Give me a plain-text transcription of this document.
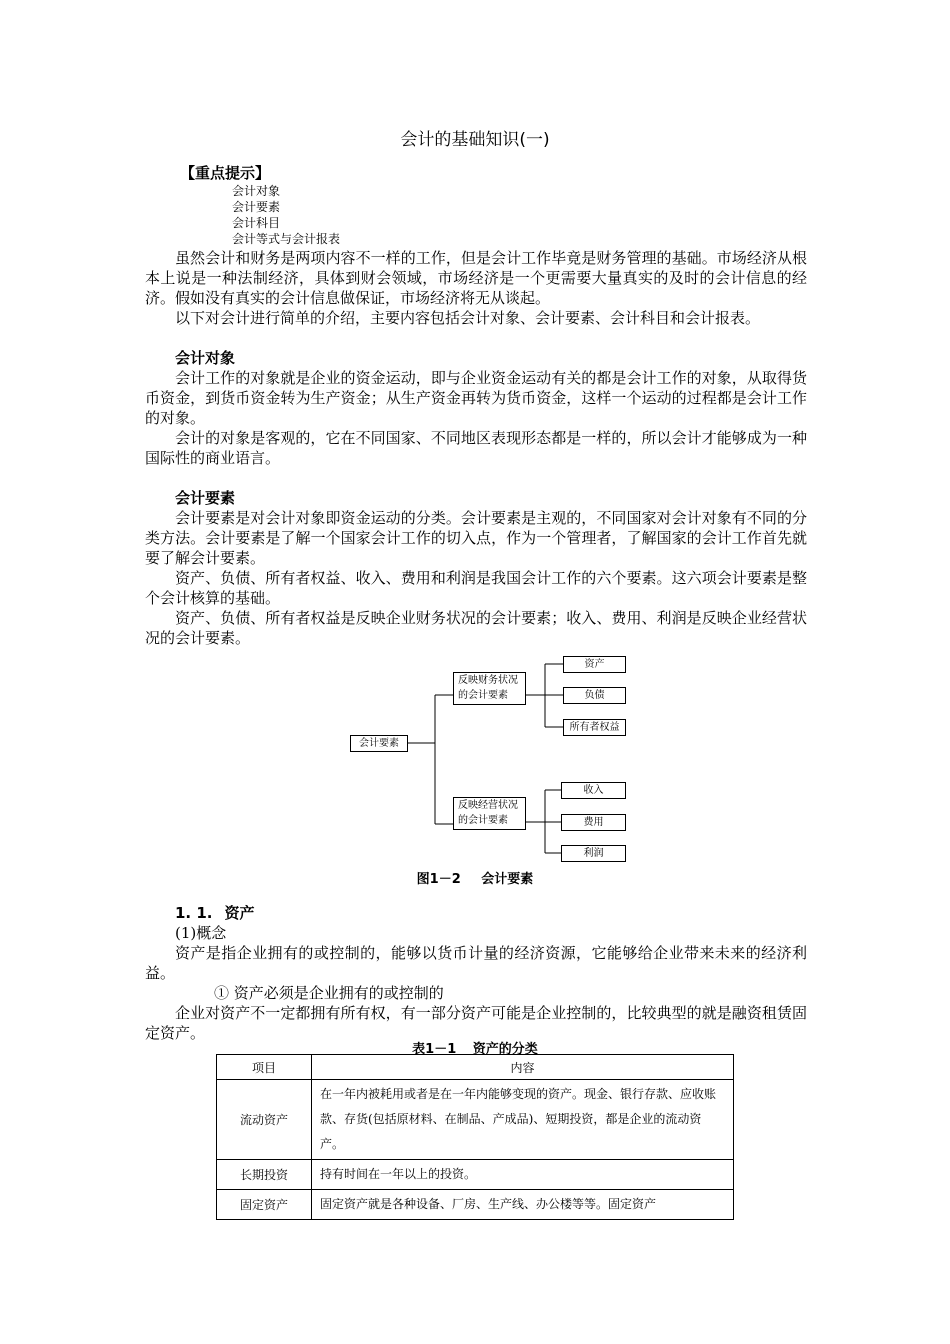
会计的基础知识(一)
【重点提示】
会计对象
会计要素
会计科目
会计等式与会计报表

虽然会计和财务是两项内容不一样的工作，但是会计工作毕竟是财务管理的基础。市场经济从根本上说是一种法制经济，具体到财会领域，市场经济是一个更需要大量真实的及时的会计信息的经济。假如没有真实的会计信息做保证，市场经济将无从谈起。

以下对会计进行简单的介绍，主要内容包括会计对象、会计要素、会计科目和会计报表。

会计对象

会计工作的对象就是企业的资金运动，即与企业资金运动有关的都是会计工作的对象，从取得货币资金，到货币资金转为生产资金；从生产资金再转为货币资金，这样一个运动的过程都是会计工作的对象。

会计的对象是客观的，它在不同国家、不同地区表现形态都是一样的，所以会计才能够成为一种国际性的商业语言。

会计要素

会计要素是对会计对象即资金运动的分类。会计要素是主观的，不同国家对会计对象有不同的分类方法。会计要素是了解一个国家会计工作的切入点，作为一个管理者，了解国家的会计工作首先就要了解会计要素。

资产、负债、所有者权益、收入、费用和利润是我国会计工作的六个要素。这六项会计要素是整个会计核算的基础。

资产、负债、所有者权益是反映企业财务状况的会计要素；收入、费用、利润是反映企业经营状况的会计要素。

会计要素
反映财务状况
的会计要素
资产
负债
所有者权益
反映经营状况
的会计要素
收入
费用
利润
图1－2 会计要素
1. 1. 资产

(1)概念

资产是指企业拥有的或控制的，能够以货币计量的经济资源，它能够给企业带来未来的经济利益。

① 资产必须是企业拥有的或控制的

企业对资产不一定都拥有所有权，有一部分资产可能是企业控制的，比较典型的就是融资租赁固定资产。

表1－1 资产的分类
项目	内容
流动资产	在一年内被耗用或者是在一年内能够变现的资产。现金、银行存款、应收账款、存货(包括原材料、在制品、产成品)、短期投资，都是企业的流动资产。
长期投资	持有时间在一年以上的投资。
固定资产	固定资产就是各种设备、厂房、生产线、办公楼等等。固定资产
